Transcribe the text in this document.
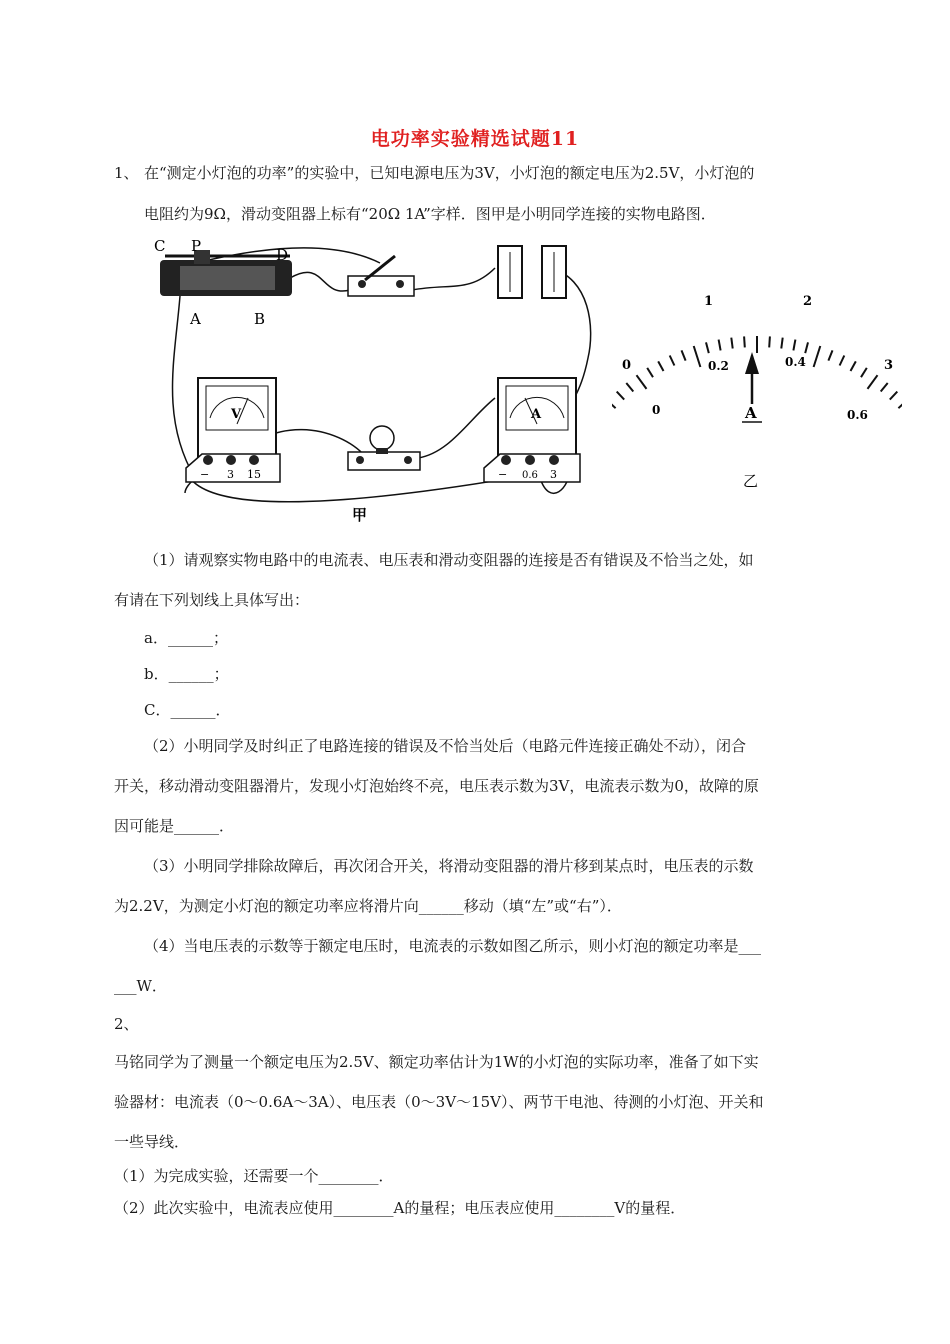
电功率实验精选试题11
1、 在“测定小灯泡的功率”的实验中，已知电源电压为3V，小灯泡的额定电压为2.5V，小灯泡的
电阻约为9Ω，滑动变阻器上标有“20Ω 1A”字样．图甲是小明同学连接的实物电路图．
C P	D
A	B
V
− 3 15
A
− 0.6 3
甲
0
1	2
3
0
0.2	0.4
0.6
A
乙
（1）请观察实物电路中的电流表、电压表和滑动变阻器的连接是否有错误及不恰当之处，如
有请在下列划线上具体写出：
a．______；
b．______；
C．______．
（2）小明同学及时纠正了电路连接的错误及不恰当处后（电路元件连接正确处不动），闭合
开关，移动滑动变阻器滑片，发现小灯泡始终不亮，电压表示数为3V，电流表示数为0，故障的原
因可能是______．
（3）小明同学排除故障后，再次闭合开关，将滑动变阻器的滑片移到某点时，电压表的示数
为2.2V，为测定小灯泡的额定功率应将滑片向______移动（填“左”或“右”）．
（4）当电压表的示数等于额定电压时，电流表的示数如图乙所示，则小灯泡的额定功率是___
___W．
2、
马铭同学为了测量一个额定电压为2.5V、额定功率估计为1W的小灯泡的实际功率，准备了如下实
验器材：电流表（0～0.6A～3A）、电压表（0～3V～15V）、两节干电池、待测的小灯泡、开关和
一些导线．
（1）为完成实验，还需要一个________．
（2）此次实验中，电流表应使用________A的量程；电压表应使用________V的量程．
